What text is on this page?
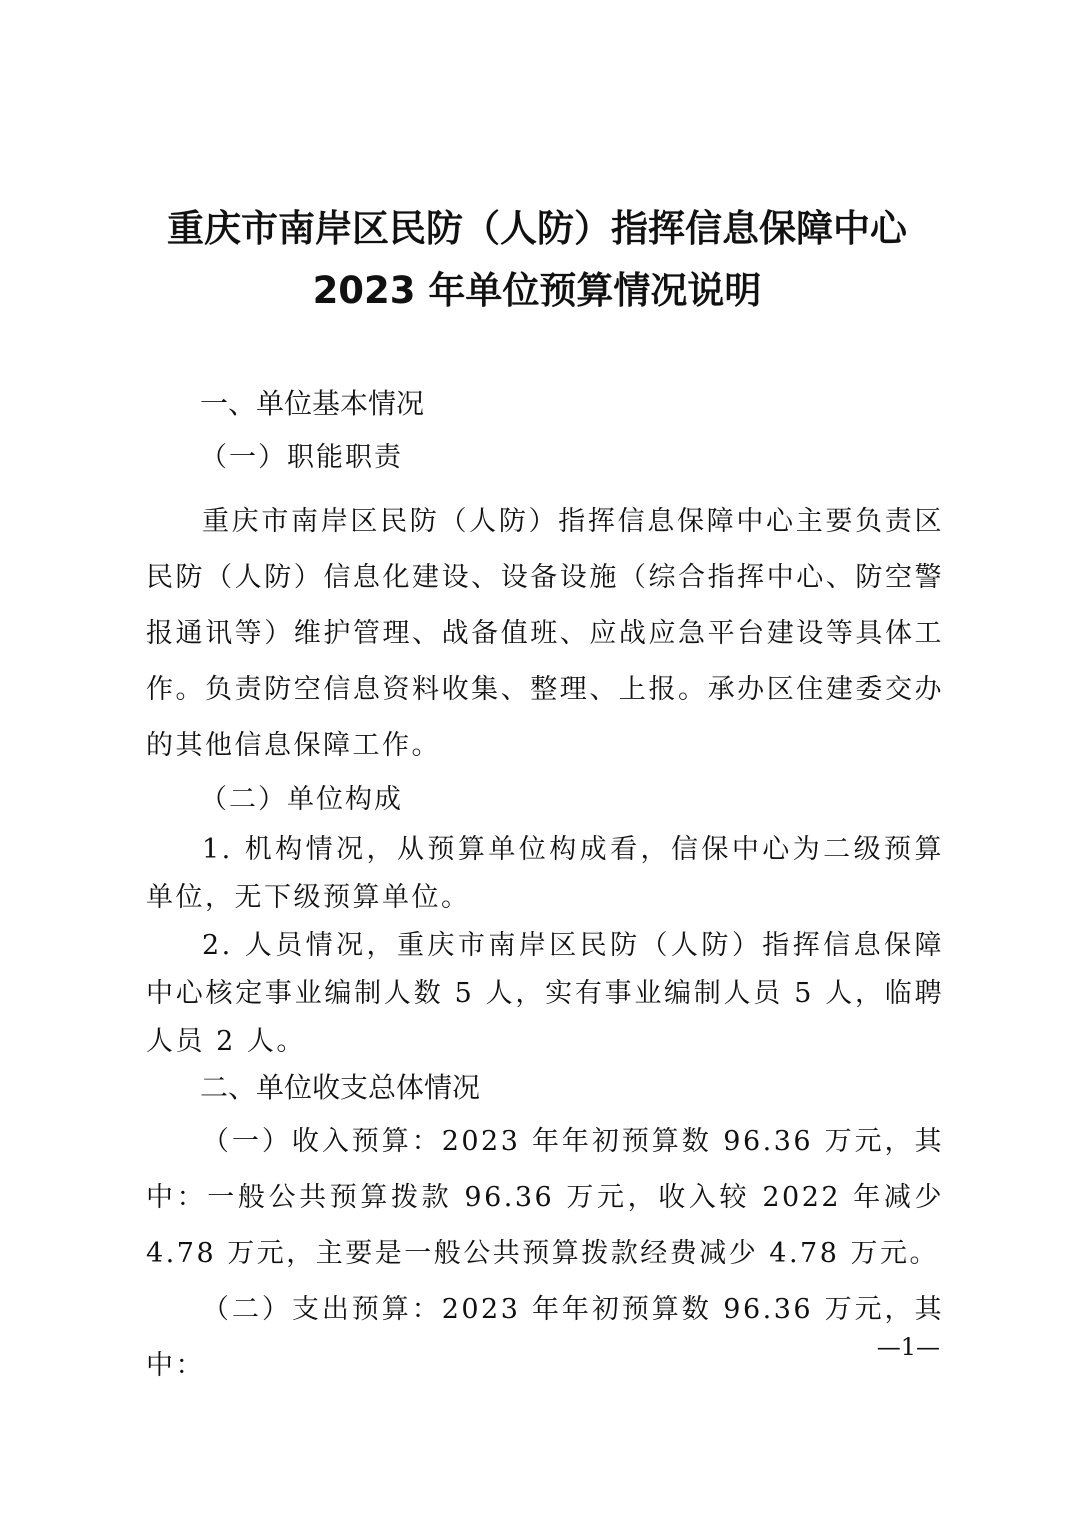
重庆市南岸区民防（人防）指挥信息保障中心
2023 年单位预算情况说明
一、单位基本情况
（一）职能职责
重庆市南岸区民防（人防）指挥信息保障中心主要负责区民防（人防）信息化建设、设备设施（综合指挥中心、防空警报通讯等）维护管理、战备值班、应战应急平台建设等具体工作。负责防空信息资料收集、整理、上报。承办区住建委交办的其他信息保障工作。
（二）单位构成
1. 机构情况，从预算单位构成看，信保中心为二级预算单位，无下级预算单位。
2. 人员情况，重庆市南岸区民防（人防）指挥信息保障中心核定事业编制人数 5 人，实有事业编制人员 5 人，临聘人员 2 人。
二、单位收支总体情况
（一）收入预算：2023 年年初预算数 96.36 万元，其中：一般公共预算拨款 96.36 万元，收入较 2022 年减少 4.78 万元，主要是一般公共预算拨款经费减少 4.78 万元。
（二）支出预算：2023 年年初预算数 96.36 万元，其中：
—1—
